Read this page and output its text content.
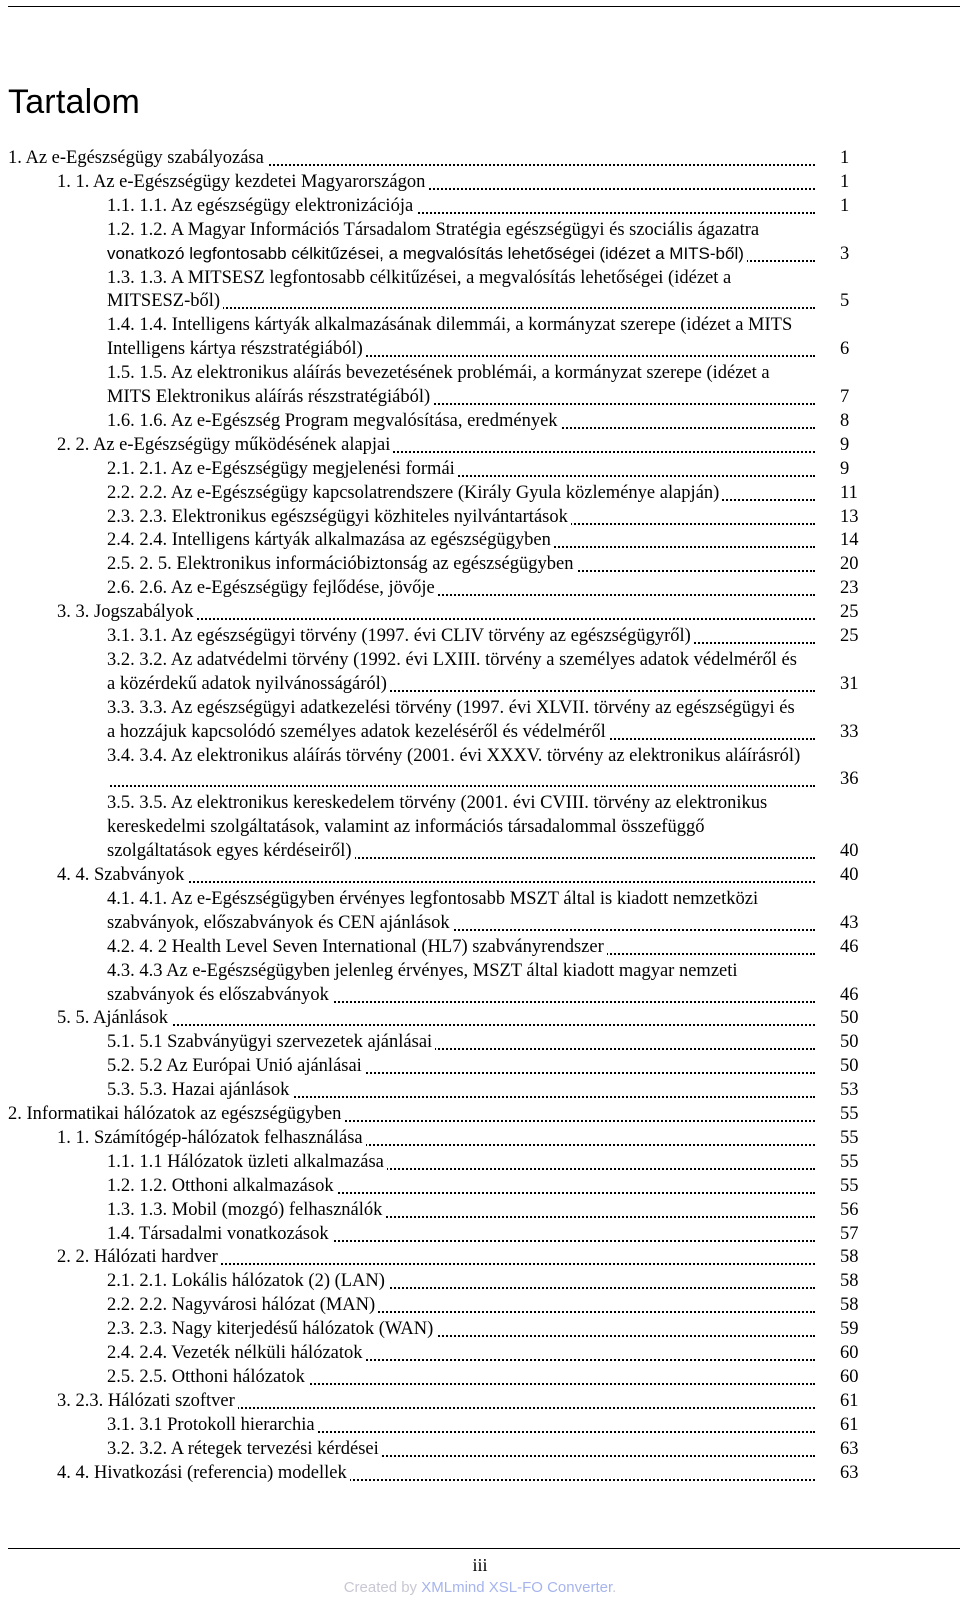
Tartalom
1. Az e-Egészségügy szabályozása	1
1. 1. Az e-Egészségügy kezdetei Magyarországon	1
1.1. 1.1. Az egészségügy elektronizációja	1
1.2. 1.2. A Magyar Információs Társadalom Stratégia egészségügyi és szociális ágazatra
vonatkozó legfontosabb célkitűzései, a megvalósítás lehetőségei (idézet a MITS-ből)	3
1.3. 1.3. A MITSESZ legfontosabb célkitűzései, a megvalósítás lehetőségei (idézet a
MITSESZ-ből)	5
1.4. 1.4. Intelligens kártyák alkalmazásának dilemmái, a kormányzat szerepe (idézet a MITS
Intelligens kártya részstratégiából)	6
1.5. 1.5. Az elektronikus aláírás bevezetésének problémái, a kormányzat szerepe (idézet a
MITS Elektronikus aláírás részstratégiából)	7
1.6. 1.6. Az e-Egészség Program megvalósítása, eredmények	8
2. 2. Az e-Egészségügy működésének alapjai	9
2.1. 2.1. Az e-Egészségügy megjelenési formái	9
2.2. 2.2. Az e-Egészségügy kapcsolatrendszere (Király Gyula közleménye alapján)	11
2.3. 2.3. Elektronikus egészségügyi közhiteles nyilvántartások	13
2.4. 2.4. Intelligens kártyák alkalmazása az egészségügyben	14
2.5. 2. 5. Elektronikus információbiztonság az egészségügyben	20
2.6. 2.6. Az e-Egészségügy fejlődése, jövője	23
3. 3. Jogszabályok	25
3.1. 3.1. Az egészségügyi törvény (1997. évi CLIV törvény az egészségügyről)	25
3.2. 3.2. Az adatvédelmi törvény (1992. évi LXIII. törvény a személyes adatok védelméről és
a közérdekű adatok nyilvánosságáról)	31
3.3. 3.3. Az egészségügyi adatkezelési törvény (1997. évi XLVII. törvény az egészségügyi és
a hozzájuk kapcsolódó személyes adatok kezeléséről és védelméről	33
3.4. 3.4. Az elektronikus aláírás törvény (2001. évi XXXV. törvény az elektronikus aláírásról)
36
3.5. 3.5. Az elektronikus kereskedelem törvény (2001. évi CVIII. törvény az elektronikus
kereskedelmi szolgáltatások, valamint az információs társadalommal összefüggő
szolgáltatások egyes kérdéseiről)	40
4. 4. Szabványok	40
4.1. 4.1. Az e-Egészségügyben érvényes legfontosabb MSZT által is kiadott nemzetközi
szabványok, előszabványok és CEN ajánlások	43
4.2. 4. 2 Health Level Seven International (HL7) szabványrendszer	46
4.3. 4.3 Az e-Egészségügyben jelenleg érvényes, MSZT által kiadott magyar nemzeti
szabványok és előszabványok	46
5. 5. Ajánlások	50
5.1. 5.1 Szabványügyi szervezetek ajánlásai	50
5.2. 5.2 Az Európai Unió ajánlásai	50
5.3. 5.3. Hazai ajánlások	53
2. Informatikai hálózatok az egészségügyben	55
1. 1. Számítógép-hálózatok felhasználása	55
1.1. 1.1 Hálózatok üzleti alkalmazása	55
1.2. 1.2. Otthoni alkalmazások	55
1.3. 1.3. Mobil (mozgó) felhasználók	56
1.4. Társadalmi vonatkozások	57
2. 2. Hálózati hardver	58
2.1. 2.1. Lokális hálózatok (2) (LAN)	58
2.2. 2.2. Nagyvárosi hálózat (MAN)	58
2.3. 2.3. Nagy kiterjedésű hálózatok (WAN)	59
2.4. 2.4. Vezeték nélküli hálózatok	60
2.5. 2.5. Otthoni hálózatok	60
3. 2.3. Hálózati szoftver	61
3.1. 3.1 Protokoll hierarchia	61
3.2. 3.2. A rétegek tervezési kérdései	63
4. 4. Hivatkozási (referencia) modellek	63
iii
Created by XMLmind XSL-FO Converter.
